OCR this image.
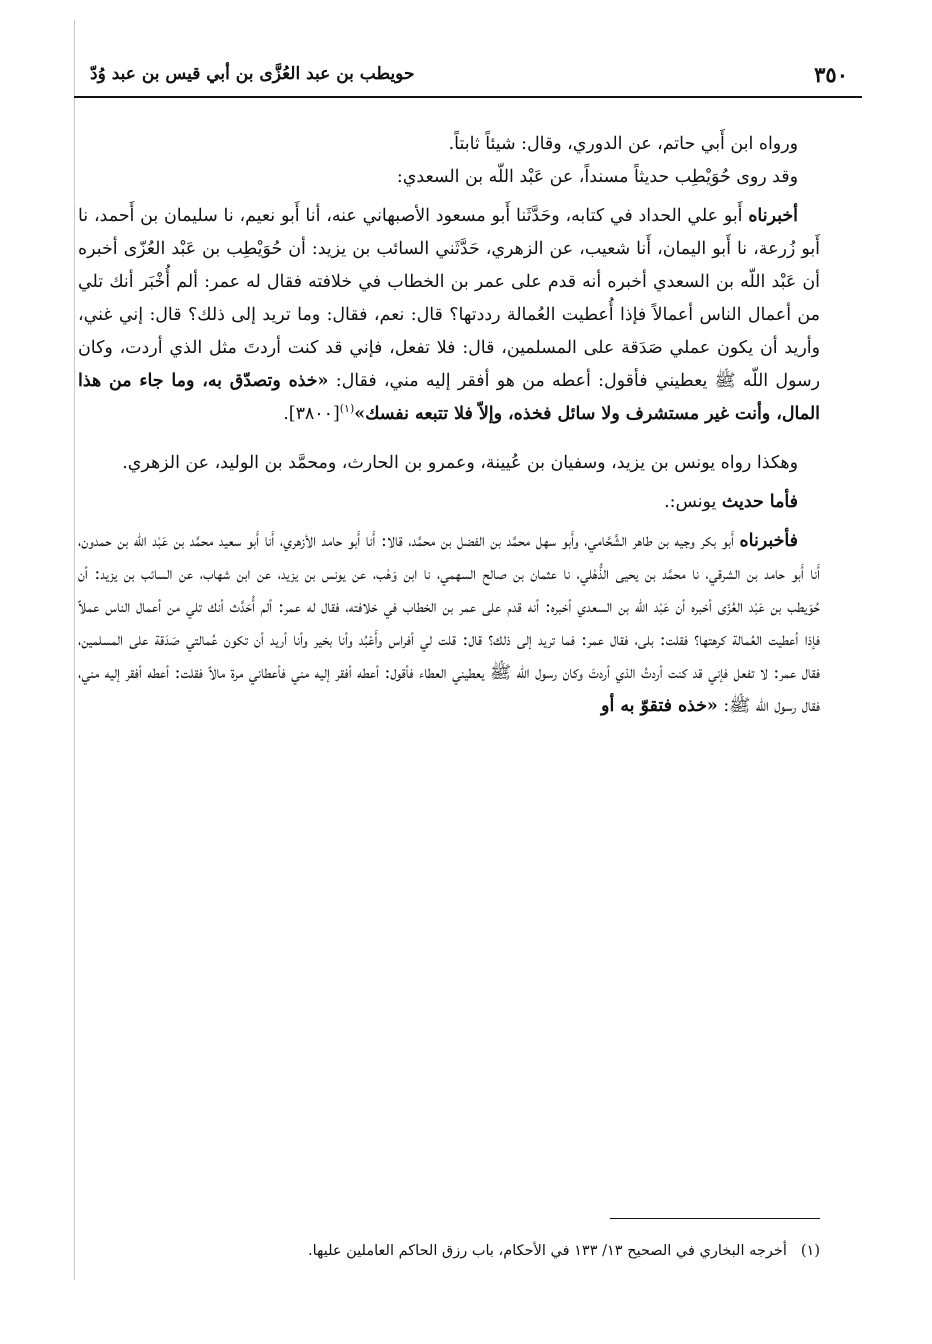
٣٥٠
حويطب بن عبد العُزَّى بن أبي قيس بن عبد وُدّ

ورواه ابن أَبي حاتم، عن الدوري، وقال: شيئاً ثابتاً.

وقد روى حُوَيْطِب حديثاً مسنداً، عن عَبْد اللّه بن السعدي:

أخبرناه أَبو علي الحداد في كتابه، وحَدَّثَنا أَبو مسعود الأصبهاني عنه، أنا أَبو نعيم، نا سليمان بن أَحمد، نا أَبو زُرعة، نا أَبو اليمان، أَنا شعيب، عن الزهري، حَدَّثَني السائب بن يزيد: أن حُوَيْطِب بن عَبْد العُزّى أخبره أن عَبْد اللّه بن السعدي أخبره أنه قدم على عمر بن الخطاب في خلافته فقال له عمر: ألم أُخْبَر أنك تلي من أعمال الناس أعمالاً فإذا أُعطيت العُمالة رددتها؟ قال: نعم، فقال: وما تريد إلى ذلك؟ قال: إني غني، وأريد أن يكون عملي صَدَقة على المسلمين، قال: فلا تفعل، فإني قد كنت أردتَ مثل الذي أردت، وكان رسول اللّه ﷺ يعطيني فأقول: أعطه من هو أفقر إليه مني، فقال: «خذه وتصدّق به، وما جاء من هذا المال، وأنت غير مستشرف ولا سائل فخذه، وإلاّ فلا تتبعه نفسك»$^{(١)}$[٣٨٠٠].

وهكذا رواه يونس بن يزيد، وسفيان بن عُيينة، وعمرو بن الحارث، ومحمَّد بن الوليد، عن الزهري.

فأما حديث يونس:.

فأخبرناه أَبو بكر وجيه بن طاهر الشَّحَّامي، وأَبو سهل محمَّد بن الفضل بن محمَّد، قالا: أَنا أَبو حامد الأزهري، أَنا أَبو سعيد محمَّد بن عَبْد اللّه بن حمدون، أَنا أَبو حامد بن الشرقي، نا محمَّد بن يحيى الذُّهْلي، نا عثمان بن صالح السهمي، نا ابن وَهْب، عن يونس بن يزيد، عن ابن شهاب، عن السائب بن يزيد: أن حُوَيطب بن عَبْد العُزّى أخبره أن عَبْد اللّه بن السعدي أخبره: أنه قدم على عمر بن الخطاب في خلافته، فقال له عمر: ألم أُحَدَّث أنك تلي من أعمال الناس عملاً فإذا أعطيت العُمالة كرهتها؟ فقلت: بلى، فقال عمر: فما تريد إلى ذلك؟ قال: قلت لي أفراس وأَعْبُد وأنا بخير وأنا أريد أن تكون عُمالتي صَدَقة على المسلمين، فقال عمر: لا تفعل فإني قد كنت أردتُ الذي أردتَ وكان رسول اللّه ﷺ يعطيني العطاء فأقول: أعطه أفقر إليه مني فأعطاني مرة مالاً فقلت: أعطه أفقر إليه مني، فقال رسول اللّه ﷺ: «خذه فتقوّ به أو

(١)أخرجه البخاري في الصحيح ١٣/ ١٣٣ في الأحكام، باب رزق الحاكم العاملين عليها.
